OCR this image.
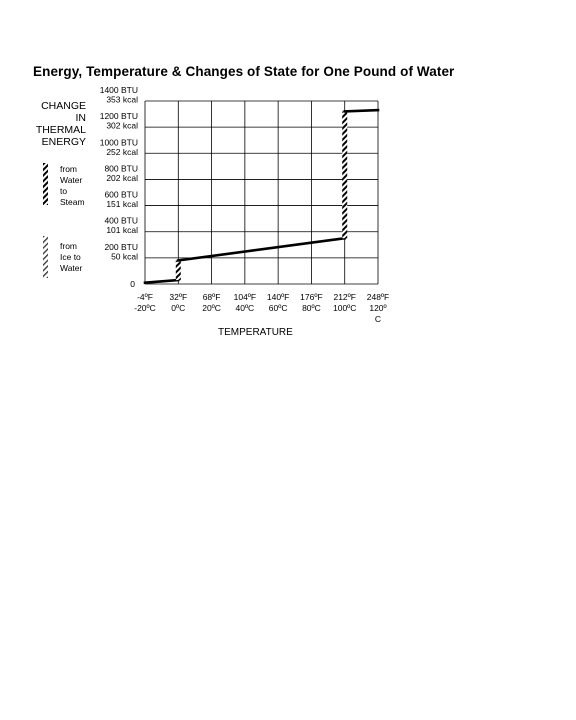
Energy, Temperature & Changes of State for One Pound of Water
CHANGE
IN
THERMAL
ENERGY
from
Water
to
Steam
from
Ice to
Water
TEMPERATURE
0
200 BTU
50 kcal
400 BTU
101 kcal
600 BTU
151 kcal
800 BTU
202 kcal
1000 BTU
252 kcal
1200 BTU
302 kcal
1400 BTU
353 kcal
-4ºF
-20ºC
32ºF
0ºC
68ºF
20ºC
104ºF
40ºC
140ºF
60ºC
176ºF
80ºC
212ºF
100ºC
248ºF
120º
C
